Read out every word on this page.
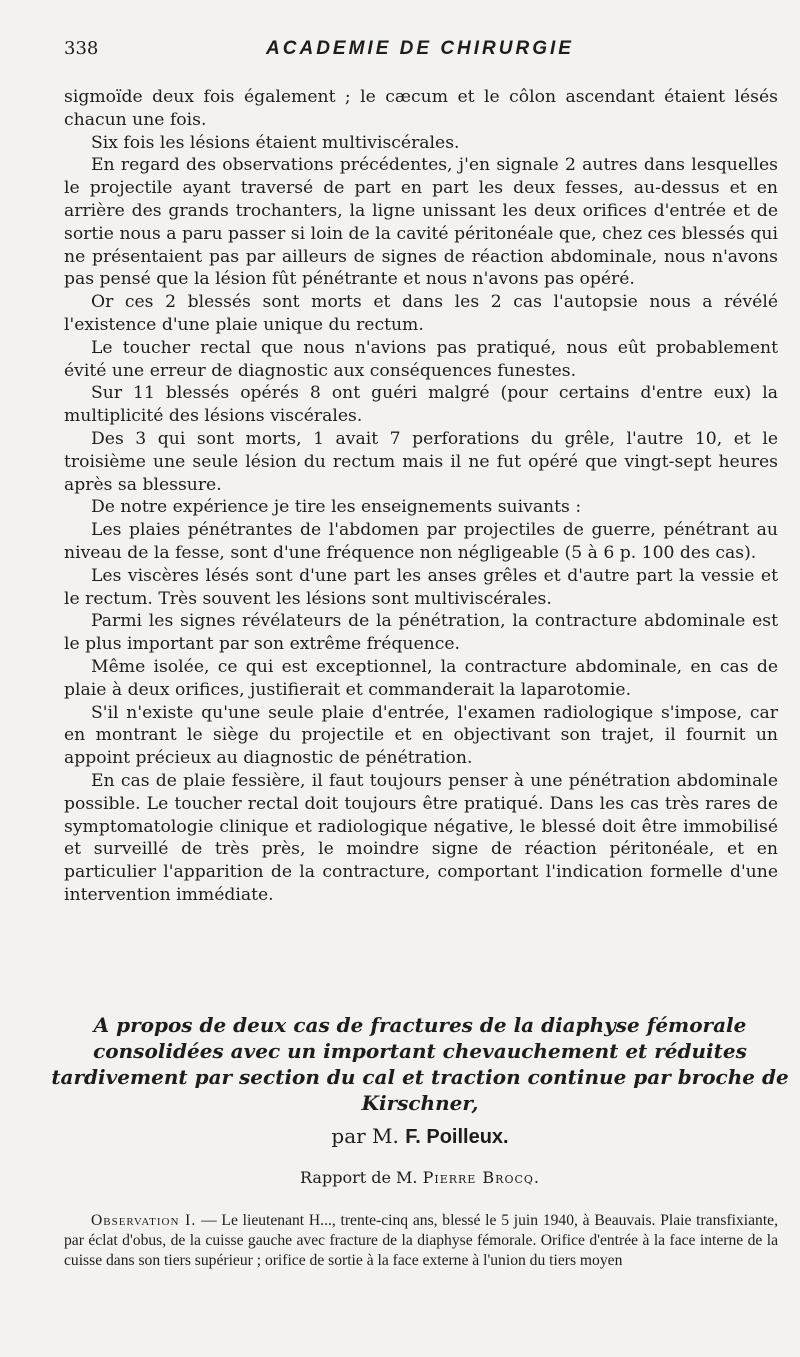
338	ACADEMIE DE CHIRURGIE

sigmoïde deux fois également ; le cæcum et le côlon ascendant étaient lésés chacun une fois.

Six fois les lésions étaient multiviscérales.

En regard des observations précédentes, j'en signale 2 autres dans lesquelles le projectile ayant traversé de part en part les deux fesses, au-dessus et en arrière des grands trochanters, la ligne unissant les deux orifices d'entrée et de sortie nous a paru passer si loin de la cavité péritonéale que, chez ces blessés qui ne présentaient pas par ailleurs de signes de réaction abdominale, nous n'avons pas pensé que la lésion fût pénétrante et nous n'avons pas opéré.

Or ces 2 blessés sont morts et dans les 2 cas l'autopsie nous a révélé l'existence d'une plaie unique du rectum.

Le toucher rectal que nous n'avions pas pratiqué, nous eût probablement évité une erreur de diagnostic aux conséquences funestes.

Sur 11 blessés opérés 8 ont guéri malgré (pour certains d'entre eux) la multiplicité des lésions viscérales.

Des 3 qui sont morts, 1 avait 7 perforations du grêle, l'autre 10, et le troisième une seule lésion du rectum mais il ne fut opéré que vingt-sept heures après sa blessure.

De notre expérience je tire les enseignements suivants :

Les plaies pénétrantes de l'abdomen par projectiles de guerre, pénétrant au niveau de la fesse, sont d'une fréquence non négligeable (5 à 6 p. 100 des cas).

Les viscères lésés sont d'une part les anses grêles et d'autre part la vessie et le rectum. Très souvent les lésions sont multiviscérales.

Parmi les signes révélateurs de la pénétration, la contracture abdominale est le plus important par son extrême fréquence.

Même isolée, ce qui est exceptionnel, la contracture abdominale, en cas de plaie à deux orifices, justifierait et commanderait la laparotomie.

S'il n'existe qu'une seule plaie d'entrée, l'examen radiologique s'impose, car en montrant le siège du projectile et en objectivant son trajet, il fournit un appoint précieux au diagnostic de pénétration.

En cas de plaie fessière, il faut toujours penser à une pénétration abdominale possible. Le toucher rectal doit toujours être pratiqué. Dans les cas très rares de symptomatologie clinique et radiologique négative, le blessé doit être immobilisé et surveillé de très près, le moindre signe de réaction péritonéale, et en particulier l'apparition de la contracture, comportant l'indication formelle d'une intervention immédiate.

A propos de deux cas de fractures de la diaphyse fémorale consolidées avec un important chevauchement et réduites tardivement par section du cal et traction continue par broche de Kirschner,
par M. F. Poilleux.
Rapport de M. Pierre Brocq.

Observation I. — Le lieutenant H..., trente-cinq ans, blessé le 5 juin 1940, à Beauvais. Plaie transfixiante, par éclat d'obus, de la cuisse gauche avec fracture de la diaphyse fémorale. Orifice d'entrée à la face interne de la cuisse dans son tiers supérieur ; orifice de sortie à la face externe à l'union du tiers moyen
